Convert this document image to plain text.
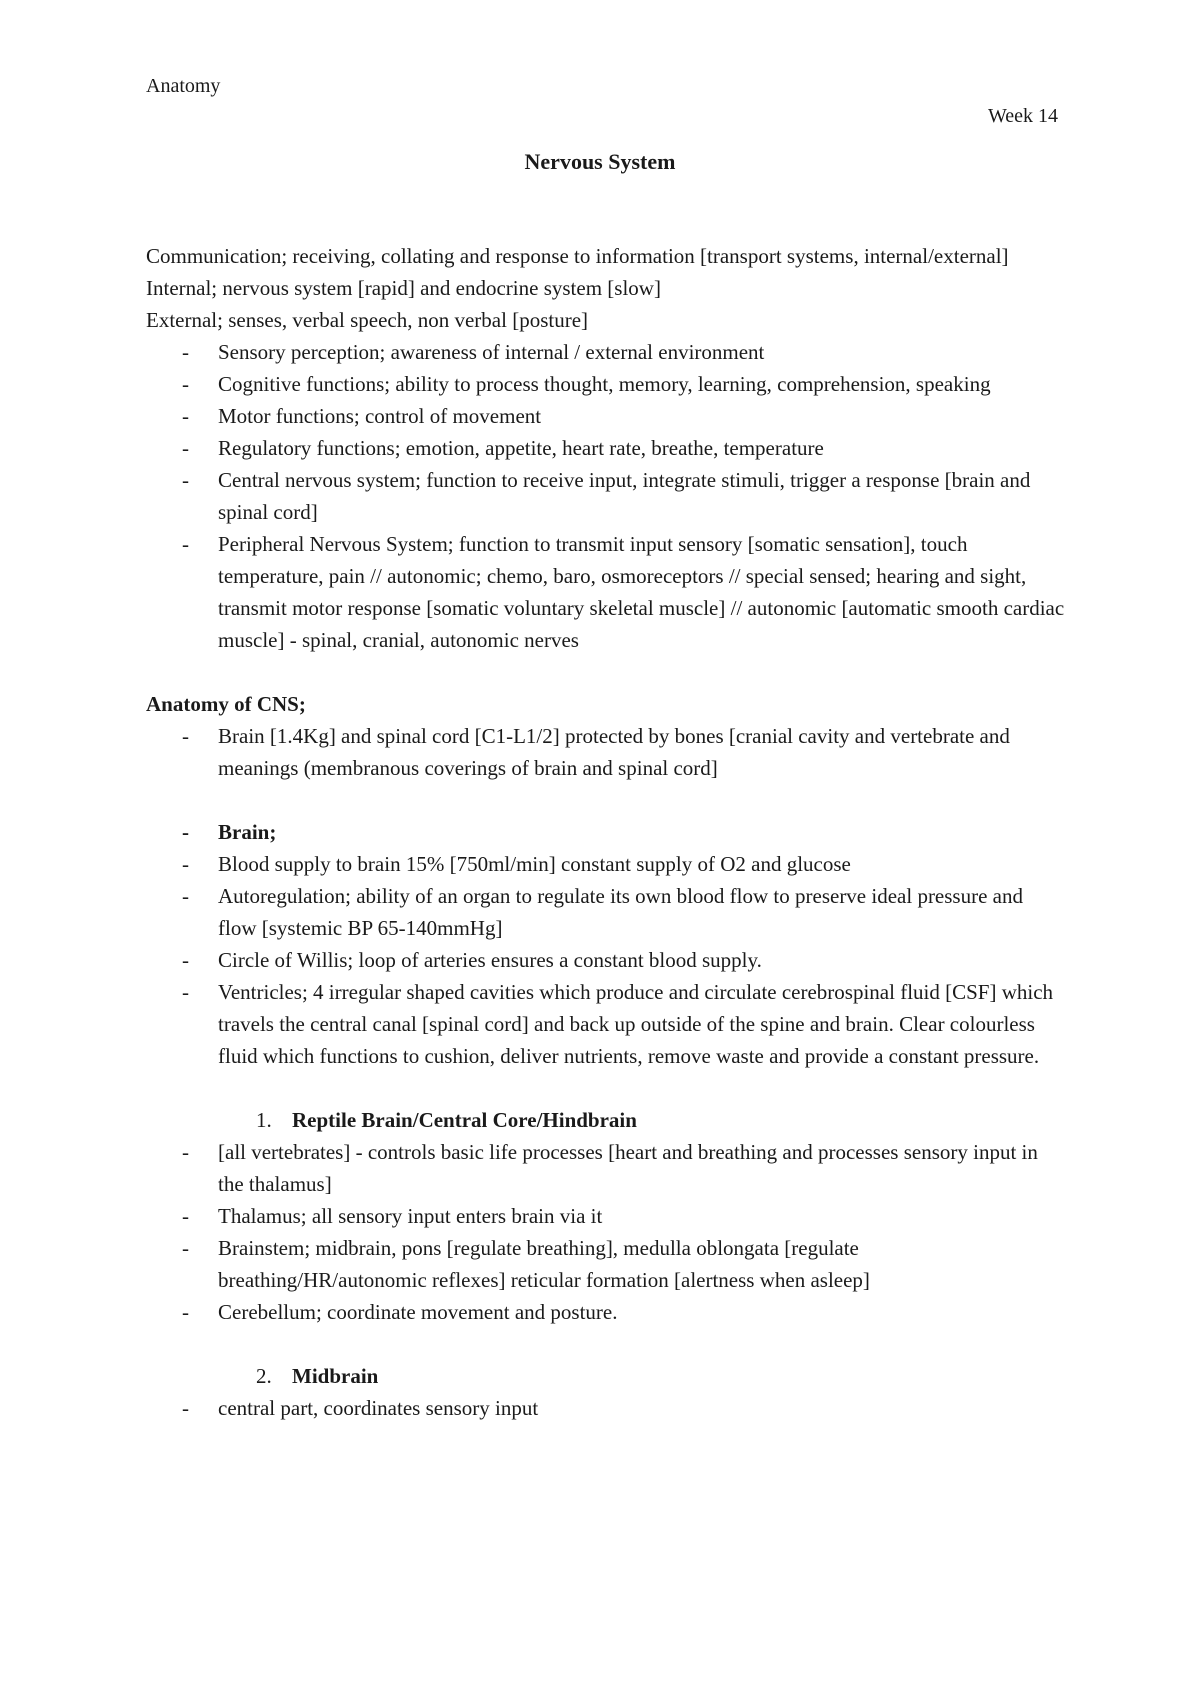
Anatomy
Week 14
Nervous System

Communication; receiving, collating and response to information [transport systems, internal/external]

Internal; nervous system [rapid] and endocrine system [slow]

External; senses, verbal speech, non verbal [posture]

- Sensory perception; awareness of internal / external environment
- Cognitive functions; ability to process thought, memory, learning, comprehension, speaking
- Motor functions; control of movement
- Regulatory functions; emotion, appetite, heart rate, breathe, temperature
- Central nervous system; function to receive input, integrate stimuli, trigger a response [brain and spinal cord]
- Peripheral Nervous System; function to transmit input sensory [somatic sensation], touch temperature, pain // autonomic; chemo, baro, osmoreceptors // special sensed; hearing and sight, transmit motor response [somatic voluntary skeletal muscle] // autonomic [automatic smooth cardiac muscle] - spinal, cranial, autonomic nerves

Anatomy of CNS;

- Brain [1.4Kg] and spinal cord [C1-L1/2] protected by bones [cranial cavity and vertebrate and meanings (membranous coverings of brain and spinal cord]
- Brain;
- Blood supply to brain 15% [750ml/min] constant supply of O2 and glucose
- Autoregulation; ability of an organ to regulate its own blood flow to preserve ideal pressure and flow [systemic BP 65-140mmHg]
- Circle of Willis; loop of arteries ensures a constant blood supply.
- Ventricles; 4 irregular shaped cavities which produce and circulate cerebrospinal fluid [CSF] which travels the central canal [spinal cord] and back up outside of the spine and brain. Clear colourless fluid which functions to cushion, deliver nutrients, remove waste and provide a constant pressure.
1. Reptile Brain/Central Core/Hindbrain
- [all vertebrates] - controls basic life processes [heart and breathing and processes sensory input in the thalamus]
- Thalamus; all sensory input enters brain via it
- Brainstem; midbrain, pons [regulate breathing], medulla oblongata [regulate breathing/HR/autonomic reflexes] reticular formation [alertness when asleep]
- Cerebellum; coordinate movement and posture.
2. Midbrain
- central part, coordinates sensory input
